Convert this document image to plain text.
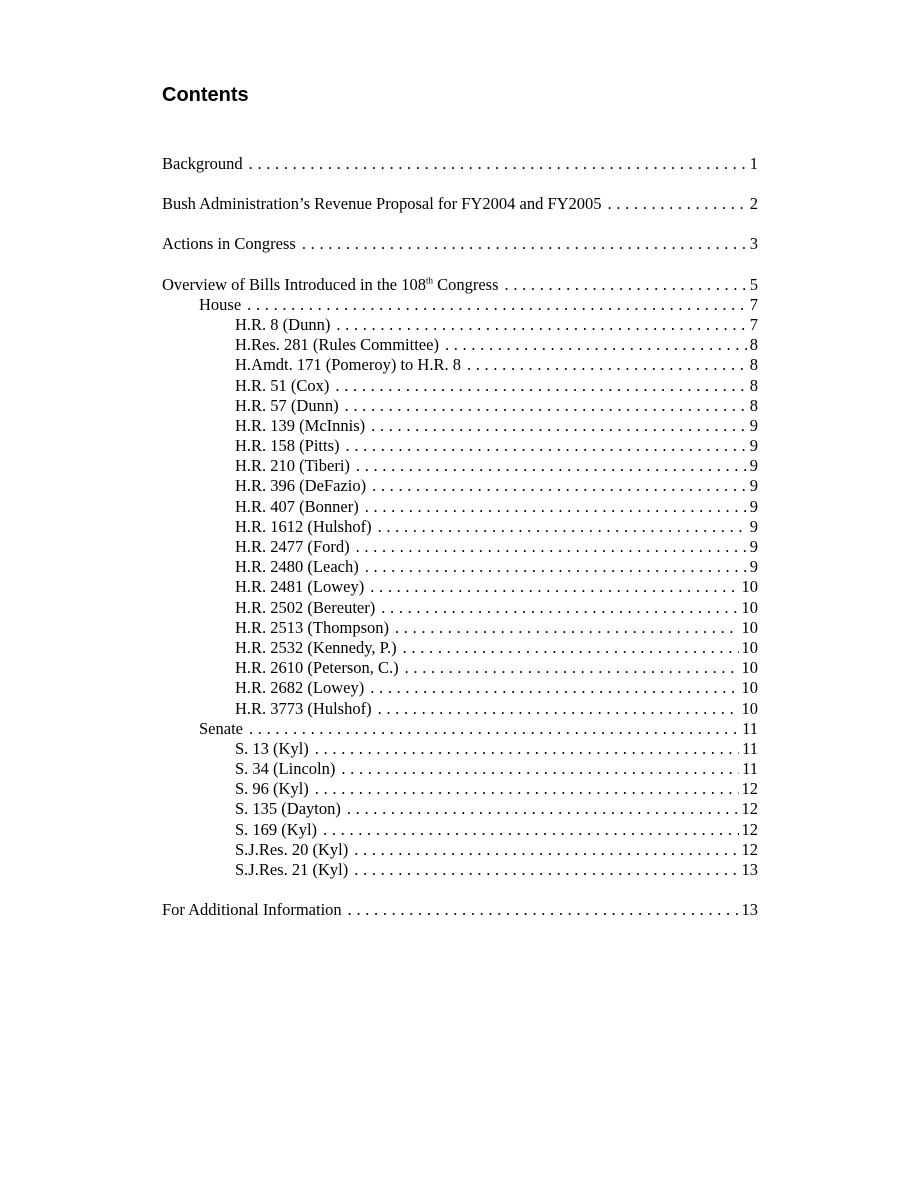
Contents
Background . . .	1
Bush Administration’s Revenue Proposal for FY2004 and FY2005 . . .	2
Actions in Congress . . .	3
Overview of Bills Introduced in the 108th Congress . . .	5
House . . .	7
H.R. 8 (Dunn) . . .	7
H.Res. 281 (Rules Committee) . . .	8
H.Amdt. 171 (Pomeroy) to H.R. 8 . . .	8
H.R. 51 (Cox) . . .	8
H.R. 57 (Dunn) . . .	8
H.R. 139 (McInnis) . . .	9
H.R. 158 (Pitts) . . .	9
H.R. 210 (Tiberi) . . .	9
H.R. 396 (DeFazio) . . .	9
H.R. 407 (Bonner) . . .	9
H.R. 1612 (Hulshof) . . .	9
H.R. 2477 (Ford) . . .	9
H.R. 2480 (Leach) . . .	9
H.R. 2481 (Lowey) . . .	10
H.R. 2502 (Bereuter) . . .	10
H.R. 2513 (Thompson) . . .	10
H.R. 2532 (Kennedy, P.) . . .	10
H.R. 2610 (Peterson, C.) . . .	10
H.R. 2682 (Lowey) . . .	10
H.R. 3773 (Hulshof) . . .	10
Senate . . .	11
S. 13 (Kyl) . . .	11
S. 34 (Lincoln) . . .	11
S. 96 (Kyl) . . .	12
S. 135 (Dayton) . . .	12
S. 169 (Kyl) . . .	12
S.J.Res. 20 (Kyl) . . .	12
S.J.Res. 21 (Kyl) . . .	13
For Additional Information . . .	13
